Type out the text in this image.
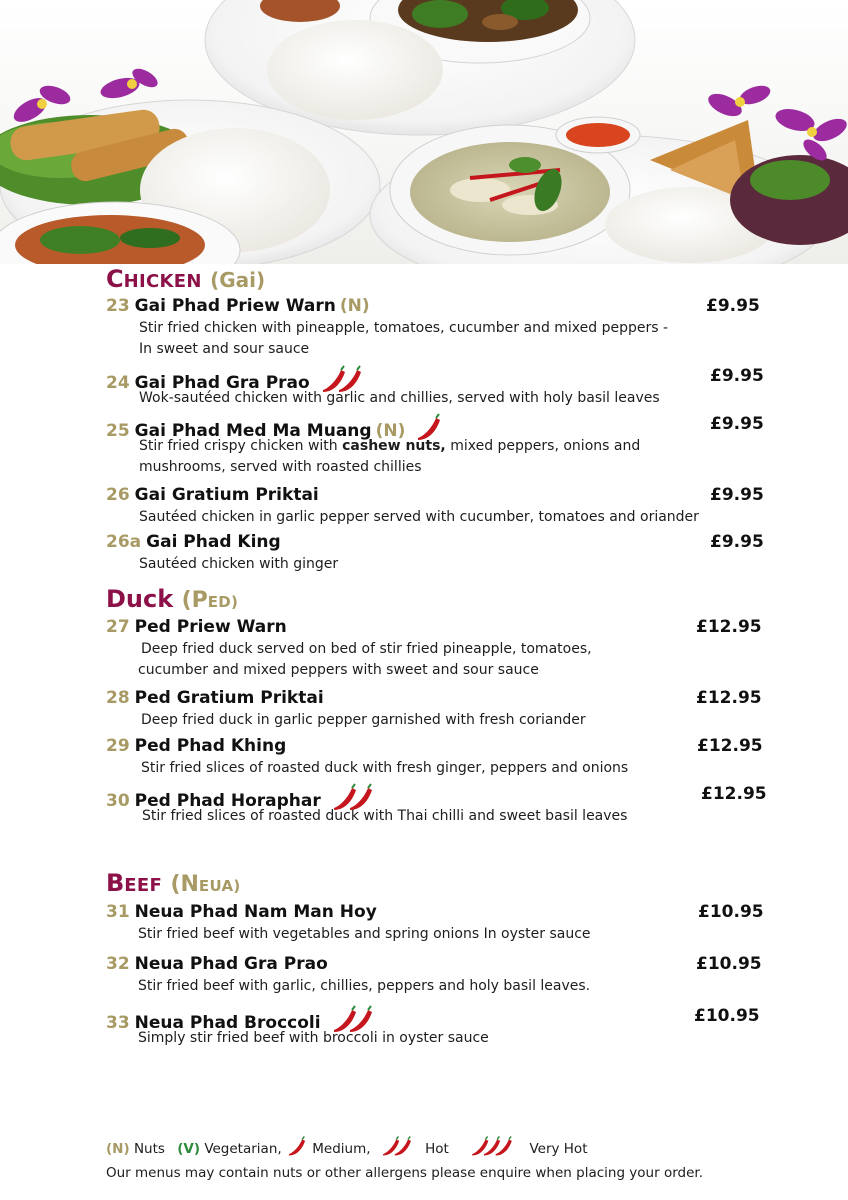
CHICKEN (Gai)
23 Gai Phad Priew Warn (N)	£9.95
Stir fried chicken with pineapple, tomatoes, cucumber and mixed peppers -
In sweet and sour sauce
24 Gai Phad Gra Prao	£9.95
Wok-sautéed chicken with garlic and chillies, served with holy basil leaves
25 Gai Phad Med Ma Muang (N)	£9.95
Stir fried crispy chicken with cashew nuts, mixed peppers, onions and
mushrooms, served with roasted chillies
26 Gai Gratium Priktai	£9.95
Sautéed chicken in garlic pepper served with cucumber, tomatoes and oriander
26a Gai Phad King	£9.95
Sautéed chicken with ginger
Duck (PED)
27 Ped Priew Warn	£12.95
Deep fried duck served on bed of stir fried pineapple, tomatoes,
cucumber and mixed peppers with sweet and sour sauce
28 Ped Gratium Priktai	£12.95
Deep fried duck in garlic pepper garnished with fresh coriander
29 Ped Phad Khing	£12.95
Stir fried slices of roasted duck with fresh ginger, peppers and onions
30 Ped Phad Horaphar	£12.95
Stir fried slices of roasted duck with Thai chilli and sweet basil leaves
BEEF (NEUA)
31 Neua Phad Nam Man Hoy	£10.95
Stir fried beef with vegetables and spring onions In oyster sauce
32 Neua Phad Gra Prao	£10.95
Stir fried beef with garlic, chillies, peppers and holy basil leaves.
33 Neua Phad Broccoli	£10.95
Simply stir fried beef with broccoli in oyster sauce
(N) Nuts (V) Vegetarian, Medium,	Hot	Very Hot
Our menus may contain nuts or other allergens please enquire when placing your order.
